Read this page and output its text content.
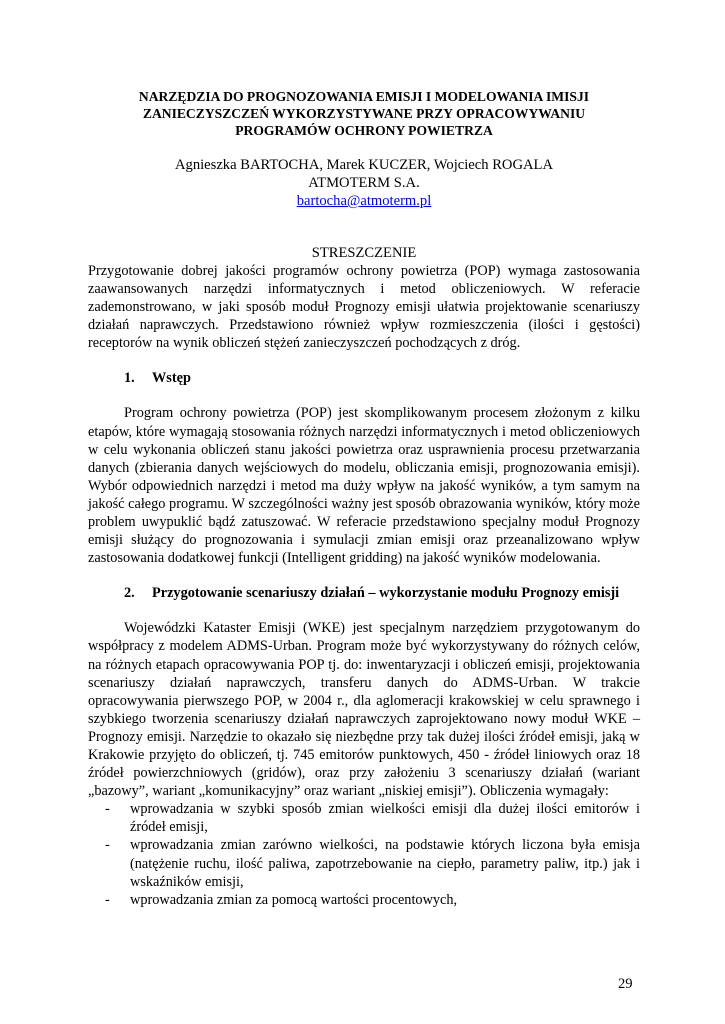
NARZĘDZIA DO PROGNOZOWANIA EMISJI I MODELOWANIA IMISJI
ZANIECZYSZCZEŃ WYKORZYSTYWANE PRZY OPRACOWYWANIU
PROGRAMÓW OCHRONY POWIETRZA
Agnieszka BARTOCHA, Marek KUCZER, Wojciech ROGALA
ATMOTERM S.A.
bartocha@atmoterm.pl
STRESZCZENIE

Przygotowanie dobrej jakości programów ochrony powietrza (POP) wymaga zastosowania zaawansowanych narzędzi informatycznych i metod obliczeniowych. W referacie zademonstrowano, w jaki sposób moduł Prognozy emisji ułatwia projektowanie scenariuszy działań naprawczych. Przedstawiono również wpływ rozmieszczenia (ilości i gęstości) receptorów na wynik obliczeń stężeń zanieczyszczeń pochodzących z dróg.

1. Wstęp

Program ochrony powietrza (POP) jest skomplikowanym procesem złożonym z kilku etapów, które wymagają stosowania różnych narzędzi informatycznych i metod obliczeniowych w celu wykonania obliczeń stanu jakości powietrza oraz usprawnienia procesu przetwarzania danych (zbierania danych wejściowych do modelu, obliczania emisji, prognozowania emisji). Wybór odpowiednich narzędzi i metod ma duży wpływ na jakość wyników, a tym samym na jakość całego programu. W szczególności ważny jest sposób obrazowania wyników, który może problem uwypuklić bądź zatuszować. W referacie przedstawiono specjalny moduł Prognozy emisji służący do prognozowania i symulacji zmian emisji oraz przeanalizowano wpływ zastosowania dodatkowej funkcji (Intelligent gridding) na jakość wyników modelowania.

2. Przygotowanie scenariuszy działań – wykorzystanie modułu Prognozy emisji

Wojewódzki Kataster Emisji (WKE) jest specjalnym narzędziem przygotowanym do współpracy z modelem ADMS-Urban. Program może być wykorzystywany do różnych celów, na różnych etapach opracowywania POP tj. do: inwentaryzacji i obliczeń emisji, projektowania scenariuszy działań naprawczych, transferu danych do ADMS-Urban. W trakcie opracowywania pierwszego POP, w 2004 r., dla aglomeracji krakowskiej w celu sprawnego i szybkiego tworzenia scenariuszy działań naprawczych zaprojektowano nowy moduł WKE – Prognozy emisji. Narzędzie to okazało się niezbędne przy tak dużej ilości źródeł emisji, jaką w Krakowie przyjęto do obliczeń, tj. 745 emitorów punktowych, 450 - źródeł liniowych oraz 18 źródeł powierzchniowych (gridów), oraz przy założeniu 3 scenariuszy działań (wariant „bazowy”, wariant „komunikacyjny” oraz wariant „niskiej emisji”). Obliczenia wymagały:

- wprowadzania w szybki sposób zmian wielkości emisji dla dużej ilości emitorów i źródeł emisji,
- wprowadzania zmian zarówno wielkości, na podstawie których liczona była emisja (natężenie ruchu, ilość paliwa, zapotrzebowanie na ciepło, parametry paliw, itp.) jak i wskaźników emisji,
- wprowadzania zmian za pomocą wartości procentowych,
29
